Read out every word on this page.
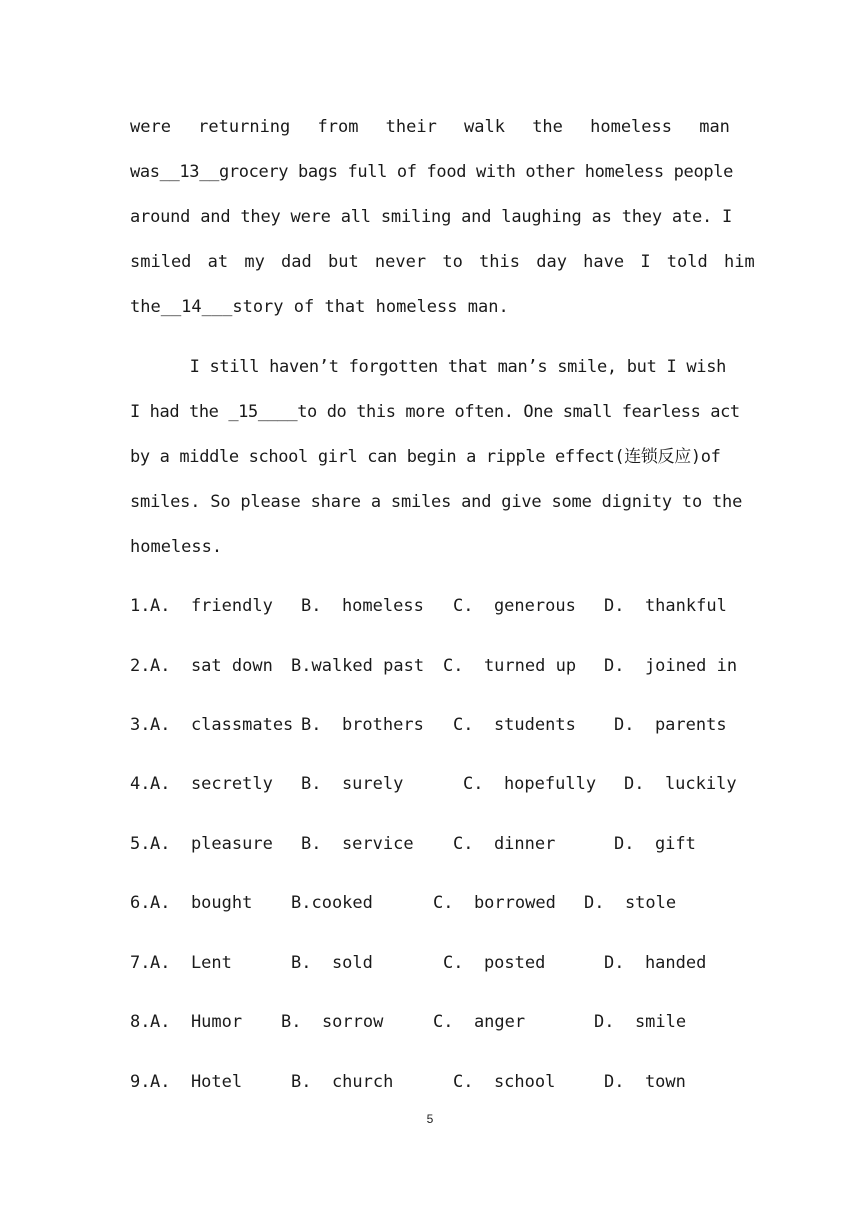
were returning from their walk the homeless man
was__13__grocery bags full of food with other homeless people
around and they were all smiling and laughing as they ate. I
smiled at my dad but never to this day have I told him
the__14___story of that homeless man.
I still haven’t forgotten that man’s smile, but I wish
I had the _15____to do this more often. One small fearless act
by a middle school girl can begin a ripple effect(连锁反应)of
smiles. So please share a smiles and give some dignity to the
homeless.

1.

A.  friendly

B.  homeless

C.  generous

D.  thankful

2.

A.  sat down

B.walked past

C.  turned up

D.  joined in

3.

A.  classmates

B.  brothers

C.  students

D.  parents

4.

A.  secretly

B.  surely

	C.  hopefully

D.  luckily

5.

A.  pleasure

B.  service

C.  dinner

	D.  gift

6.

A.  bought

B.cooked

	C.  borrowed

D.  stole

7.

A.  Lent

	B.  sold

	C.  posted

	D.  handed

8.

A.  Humor

B.  sorrow

	C.  anger

	D.  smile

9.

A.  Hotel

	B.  church

	C.  school

	D.  town

5
